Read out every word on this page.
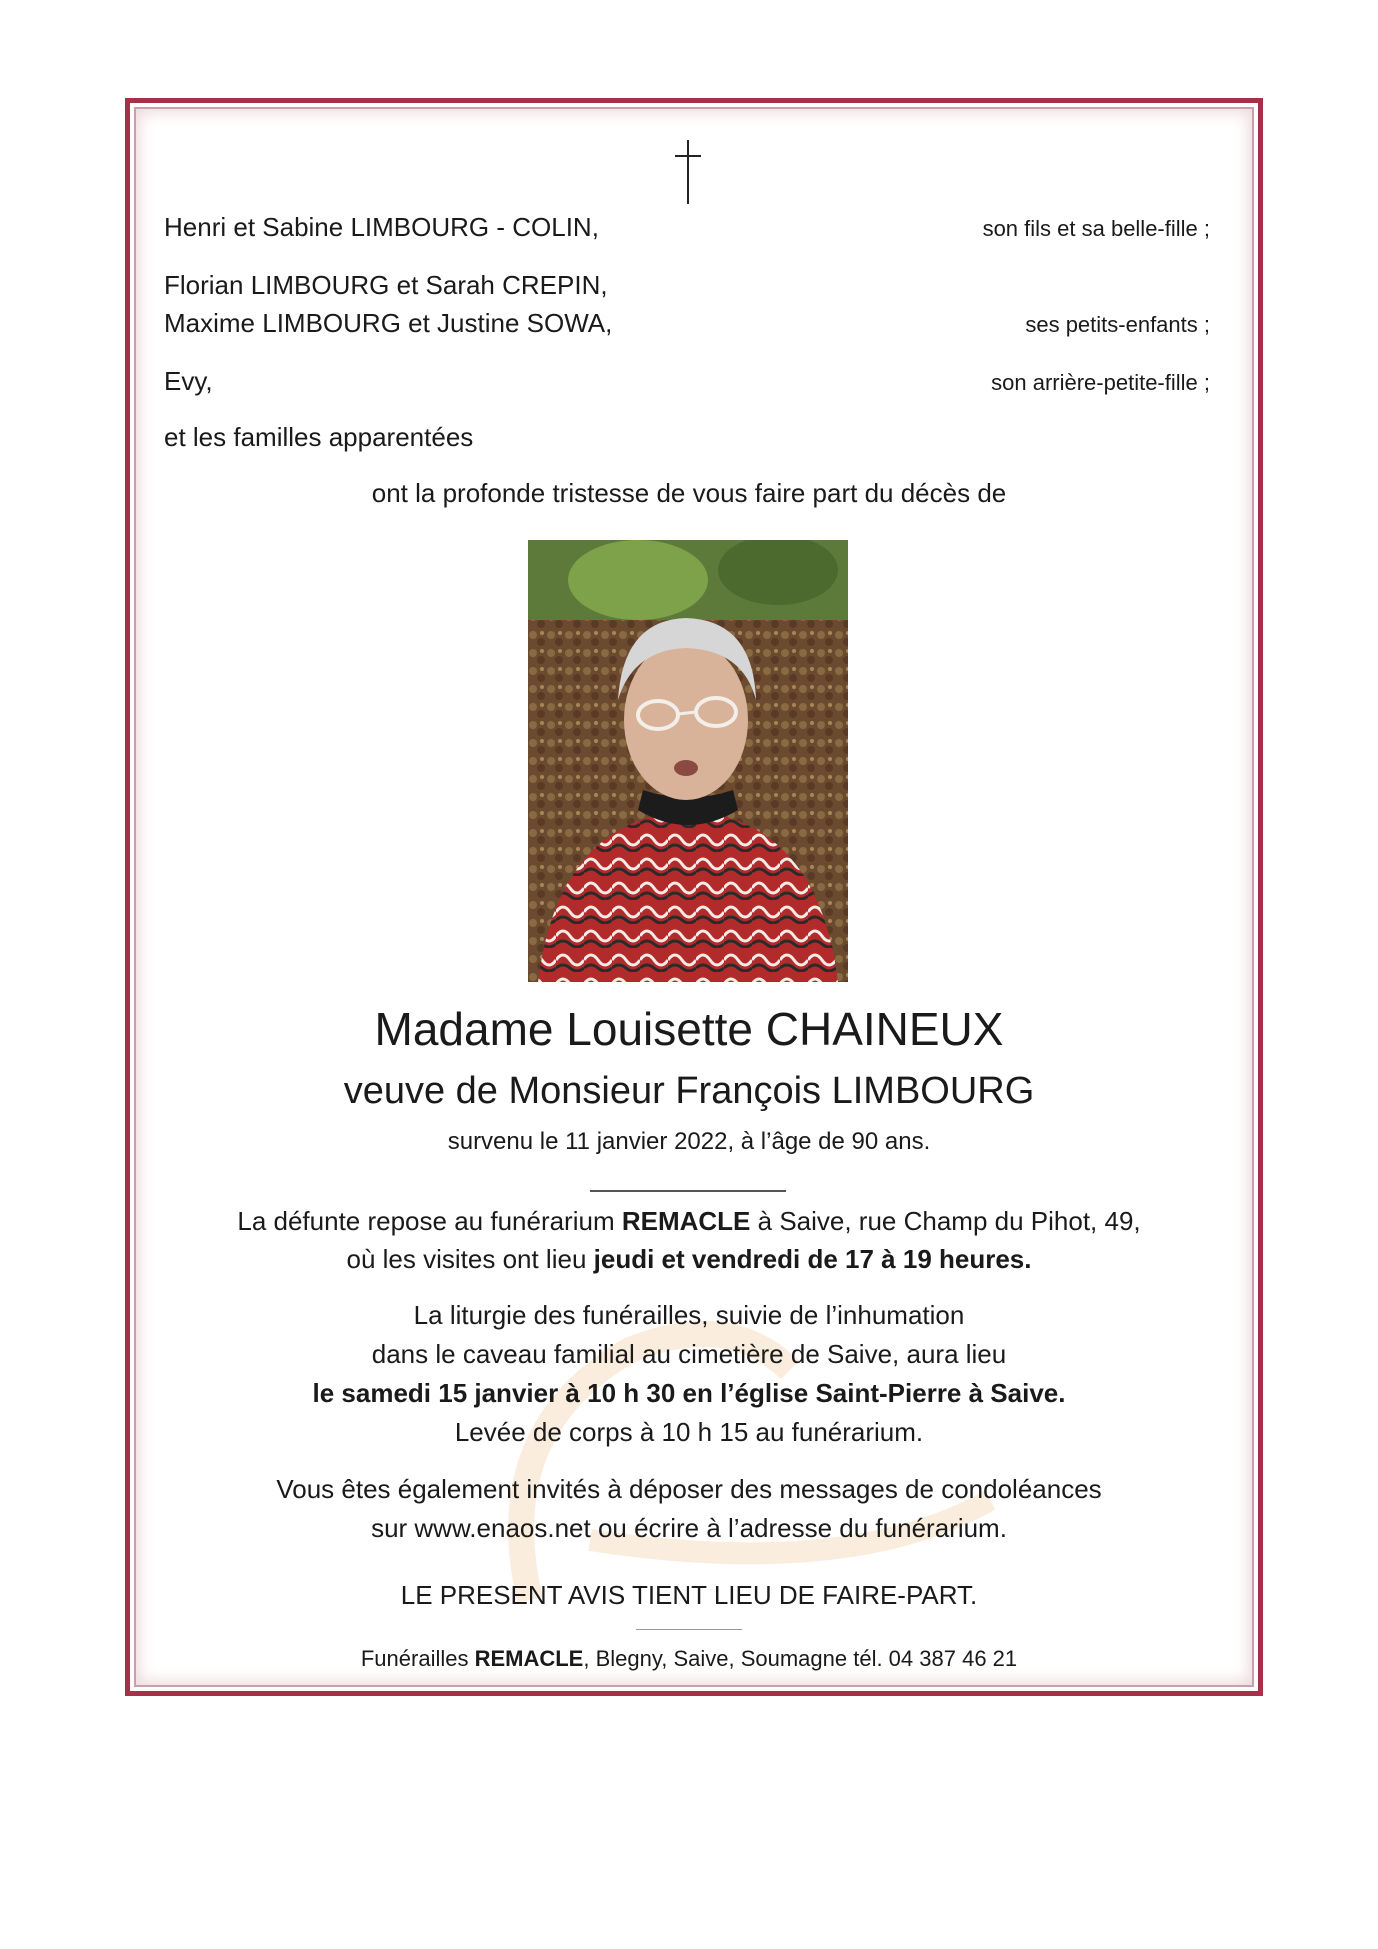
Henri et Sabine LIMBOURG - COLIN,	son fils et sa belle-fille ;
Florian LIMBOURG et Sarah CREPIN,
Maxime LIMBOURG et Justine SOWA,	ses petits-enfants ;
Evy,	son arrière-petite-fille ;
et les familles apparentées
ont la profonde tristesse de vous faire part du décès de
Madame Louisette CHAINEUX
veuve de Monsieur François LIMBOURG
survenu le 11 janvier 2022, à l’âge de 90 ans.
La défunte repose au funérarium REMACLE à Saive, rue Champ du Pihot, 49,
où les visites ont lieu jeudi et vendredi de 17 à 19 heures.
La liturgie des funérailles, suivie de l’inhumation
dans le caveau familial au cimetière de Saive, aura lieu
le samedi 15 janvier à 10 h 30 en l’église Saint-Pierre à Saive.
Levée de corps à 10 h 15 au funérarium.
Vous êtes également invités à déposer des messages de condoléances
sur www.enaos.net ou écrire à l’adresse du funérarium.
LE PRESENT AVIS TIENT LIEU DE FAIRE-PART.
Funérailles REMACLE, Blegny, Saive, Soumagne tél. 04 387 46 21
